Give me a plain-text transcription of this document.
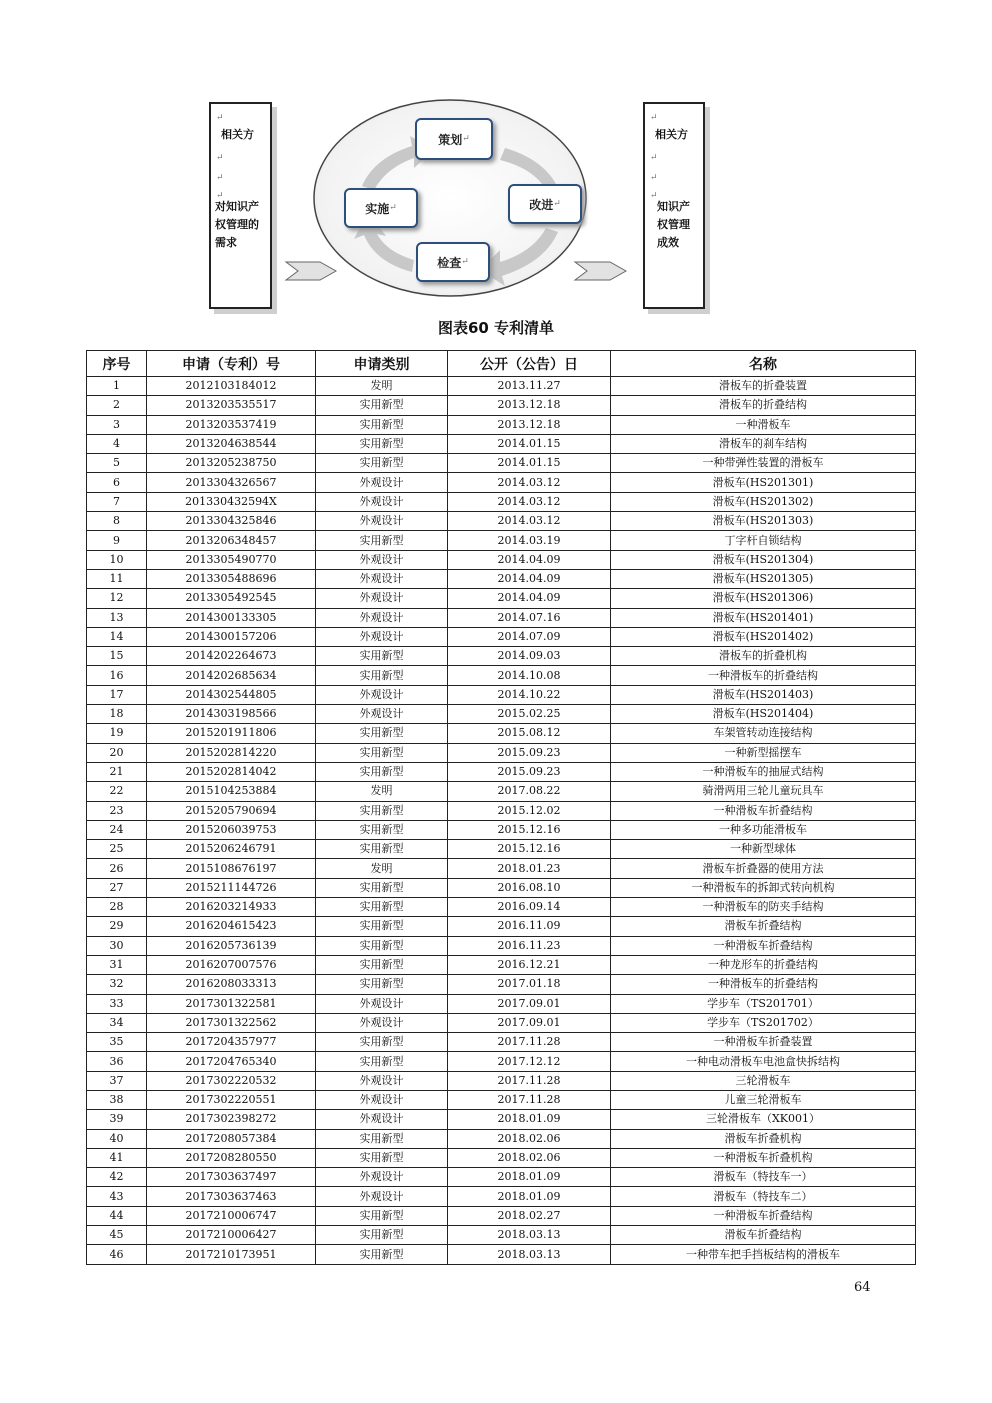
↵
相关方
↵
↵
↵
对知识产
权管理的
需求
↵
相关方
↵
↵
↵
知识产
权管理
成效
策划 ↵
实施 ↵	改进 ↵
检查 ↵
图表60 专利清单
序号	申请（专利）号	申请类别	公开（公告）日	名称
1	2012103184012	发明	2013.11.27	滑板车的折叠装置
2	2013203535517	实用新型	2013.12.18	滑板车的折叠结构
3	2013203537419	实用新型	2013.12.18	一种滑板车
4	2013204638544	实用新型	2014.01.15	滑板车的刹车结构
5	2013205238750	实用新型	2014.01.15	一种带弹性装置的滑板车
6	2013304326567	外观设计	2014.03.12	滑板车(HS201301)
7	201330432594X	外观设计	2014.03.12	滑板车(HS201302)
8	2013304325846	外观设计	2014.03.12	滑板车(HS201303)
9	2013206348457	实用新型	2014.03.19	丁字杆自锁结构
10	2013305490770	外观设计	2014.04.09	滑板车(HS201304)
11	2013305488696	外观设计	2014.04.09	滑板车(HS201305)
12	2013305492545	外观设计	2014.04.09	滑板车(HS201306)
13	2014300133305	外观设计	2014.07.16	滑板车(HS201401)
14	2014300157206	外观设计	2014.07.09	滑板车(HS201402)
15	2014202264673	实用新型	2014.09.03	滑板车的折叠机构
16	2014202685634	实用新型	2014.10.08	一种滑板车的折叠结构
17	2014302544805	外观设计	2014.10.22	滑板车(HS201403)
18	2014303198566	外观设计	2015.02.25	滑板车(HS201404)
19	2015201911806	实用新型	2015.08.12	车架管转动连接结构
20	2015202814220	实用新型	2015.09.23	一种新型摇摆车
21	2015202814042	实用新型	2015.09.23	一种滑板车的抽屉式结构
22	2015104253884	发明	2017.08.22	骑滑两用三轮儿童玩具车
23	2015205790694	实用新型	2015.12.02	一种滑板车折叠结构
24	2015206039753	实用新型	2015.12.16	一种多功能滑板车
25	2015206246791	实用新型	2015.12.16	一种新型球体
26	2015108676197	发明	2018.01.23	滑板车折叠器的使用方法
27	2015211144726	实用新型	2016.08.10	一种滑板车的拆卸式转向机构
28	2016203214933	实用新型	2016.09.14	一种滑板车的防夹手结构
29	2016204615423	实用新型	2016.11.09	滑板车折叠结构
30	2016205736139	实用新型	2016.11.23	一种滑板车折叠结构
31	2016207007576	实用新型	2016.12.21	一种龙形车的折叠结构
32	2016208033313	实用新型	2017.01.18	一种滑板车的折叠结构
33	2017301322581	外观设计	2017.09.01	学步车（TS201701）
34	2017301322562	外观设计	2017.09.01	学步车（TS201702）
35	2017204357977	实用新型	2017.11.28	一种滑板车折叠装置
36	2017204765340	实用新型	2017.12.12	一种电动滑板车电池盒快拆结构
37	2017302220532	外观设计	2017.11.28	三轮滑板车
38	2017302220551	外观设计	2017.11.28	儿童三轮滑板车
39	2017302398272	外观设计	2018.01.09	三轮滑板车（XK001）
40	2017208057384	实用新型	2018.02.06	滑板车折叠机构
41	2017208280550	实用新型	2018.02.06	一种滑板车折叠机构
42	2017303637497	外观设计	2018.01.09	滑板车（特技车一）
43	2017303637463	外观设计	2018.01.09	滑板车（特技车二）
44	2017210006747	实用新型	2018.02.27	一种滑板车折叠结构
45	2017210006427	实用新型	2018.03.13	滑板车折叠结构
46	2017210173951	实用新型	2018.03.13	一种带车把手挡板结构的滑板车
64
